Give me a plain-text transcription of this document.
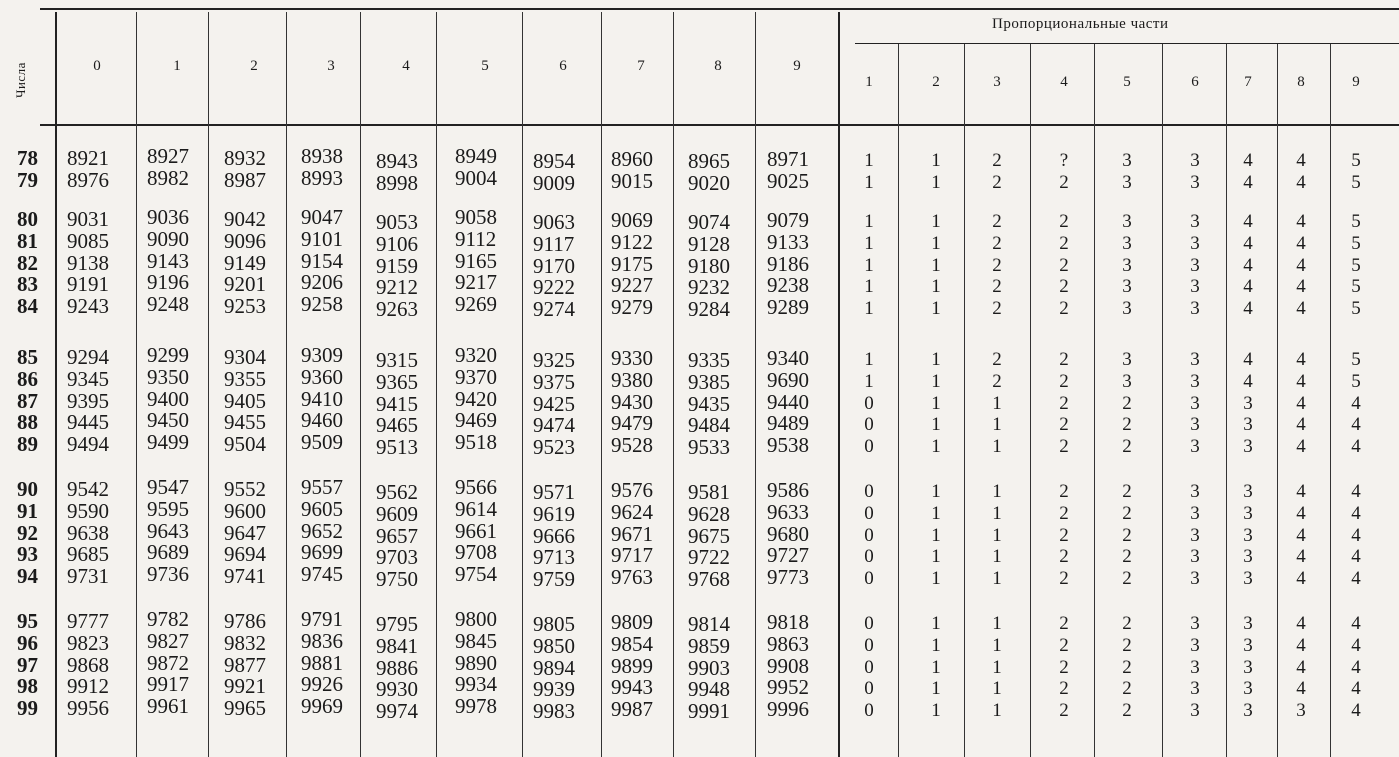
Числа
Пропорциональные части
0	1	2	3	4	5	6	7	8	9
1	2	3	4	5	6	7	8	9
78 8921 8927 8932 8938 8943 8949 8954 8960 8965 8971	1	1	2	?	3	3	4	4	5
79 8976 8982 8987 8993 8998 9004 9009 9015 9020 9025	1	1	2	2	3	3	4	4	5
80 9031 9036 9042 9047 9053 9058 9063 9069 9074 9079	1	1	2	2	3	3	4	4	5
81 9085 9090 9096 9101 9106 9112 9117 9122 9128 9133	1	1	2	2	3	3	4	4	5
82 9138 9143 9149 9154 9159 9165 9170 9175 9180 9186	1	1	2	2	3	3	4	4	5
83 9191 9196 9201 9206 9212 9217 9222 9227 9232 9238	1	1	2	2	3	3	4	4	5
84 9243 9248 9253 9258 9263 9269 9274 9279 9284 9289	1	1	2	2	3	3	4	4	5
85 9294 9299 9304 9309 9315 9320 9325 9330 9335 9340	1	1	2	2	3	3	4	4	5
86 9345 9350 9355 9360 9365 9370 9375 9380 9385 9690	1	1	2	2	3	3	4	4	5
87 9395 9400 9405 9410 9415 9420 9425 9430 9435 9440	0	1	1	2	2	3	3	4	4
88 9445 9450 9455 9460 9465 9469 9474 9479 9484 9489	0	1	1	2	2	3	3	4	4
89 9494 9499 9504 9509 9513 9518 9523 9528 9533 9538	0	1	1	2	2	3	3	4	4
90 9542 9547 9552 9557 9562 9566 9571 9576 9581 9586	0	1	1	2	2	3	3	4	4
91 9590 9595 9600 9605 9609 9614 9619 9624 9628 9633	0	1	1	2	2	3	3	4	4
92 9638 9643 9647 9652 9657 9661 9666 9671 9675 9680	0	1	1	2	2	3	3	4	4
93 9685 9689 9694 9699 9703 9708 9713 9717 9722 9727	0	1	1	2	2	3	3	4	4
94 9731 9736 9741 9745 9750 9754 9759 9763 9768 9773	0	1	1	2	2	3	3	4	4
95 9777 9782 9786 9791 9795 9800 9805 9809 9814 9818	0	1	1	2	2	3	3	4	4
96 9823 9827 9832 9836 9841 9845 9850 9854 9859 9863	0	1	1	2	2	3	3	4	4
97 9868 9872 9877 9881 9886 9890 9894 9899 9903 9908	0	1	1	2	2	3	3	4	4
98 9912 9917 9921 9926 9930 9934 9939 9943 9948 9952	0	1	1	2	2	3	3	4	4
99 9956 9961 9965 9969 9974 9978 9983 9987 9991 9996	0	1	1	2	2	3	3	3	4
